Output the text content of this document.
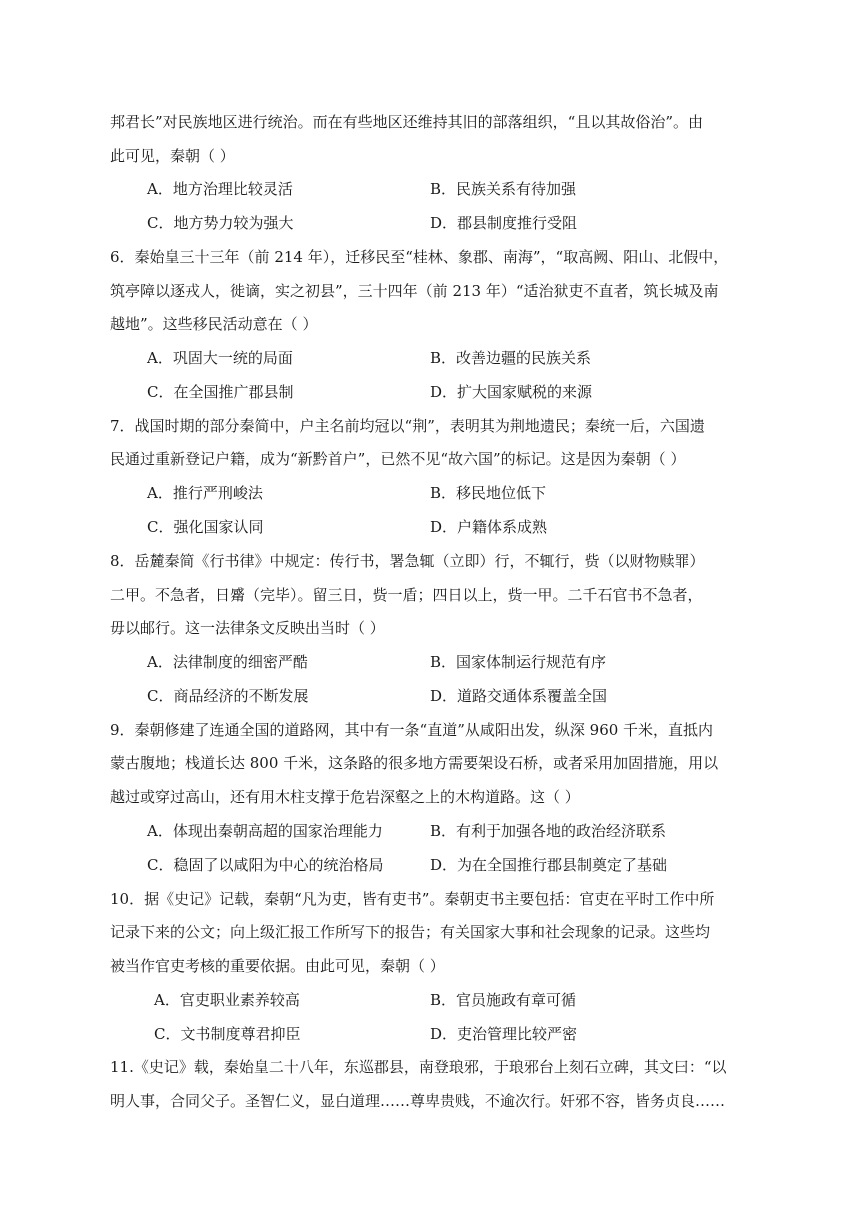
邦君长”对民族地区进行统治。而在有些地区还维持其旧的部落组织，“且以其故俗治”。由
此可见，秦朝（ ）
A．地方治理比较灵活	B．民族关系有待加强
C．地方势力较为强大	D．郡县制度推行受阻
6．秦始皇三十三年（前 214 年），迁移民至“桂林、象郡、南海”，“取高阙、阳山、北假中，
筑亭障以逐戎人，徙谪，实之初县”，三十四年（前 213 年）“适治狱吏不直者，筑长城及南
越地”。这些移民活动意在（ ）
A．巩固大一统的局面	B．改善边疆的民族关系
C．在全国推广郡县制	D．扩大国家赋税的来源
7．战国时期的部分秦简中，户主名前均冠以“荆”，表明其为荆地遗民；秦统一后，六国遗
民通过重新登记户籍，成为“新黔首户”，已然不见“故六国”的标记。这是因为秦朝（ ）
A．推行严刑峻法	B．移民地位低下
C．强化国家认同	D．户籍体系成熟
8．岳麓秦简《行书律》中规定：传行书，署急辄（立即）行，不辄行，赀（以财物赎罪）
二甲。不急者，日觱（完毕）。留三日，赀一盾；四日以上，赀一甲。二千石官书不急者，
毋以邮行。这一法律条文反映出当时（ ）
A．法律制度的细密严酷	B．国家体制运行规范有序
C．商品经济的不断发展	D．道路交通体系覆盖全国
9．秦朝修建了连通全国的道路网，其中有一条“直道”从咸阳出发，纵深 960 千米，直抵内
蒙古腹地；栈道长达 800 千米，这条路的很多地方需要架设石桥，或者采用加固措施，用以
越过或穿过高山，还有用木柱支撑于危岩深壑之上的木构道路。这（ ）
A．体现出秦朝高超的国家治理能力	B．有利于加强各地的政治经济联系
C．稳固了以咸阳为中心的统治格局	D．为在全国推行郡县制奠定了基础
10．据《史记》记载，秦朝“凡为吏，皆有吏书”。秦朝吏书主要包括：官吏在平时工作中所
记录下来的公文；向上级汇报工作所写下的报告；有关国家大事和社会现象的记录。这些均
被当作官吏考核的重要依据。由此可见，秦朝（ ）
A．官吏职业素养较高	B．官员施政有章可循
C．文书制度尊君抑臣	D．吏治管理比较严密
11.《史记》载，秦始皇二十八年，东巡郡县，南登琅邪，于琅邪台上刻石立碑，其文曰：“以
明人事，合同父子。圣智仁义，显白道理……尊卑贵贱，不逾次行。奸邪不容，皆务贞良……
